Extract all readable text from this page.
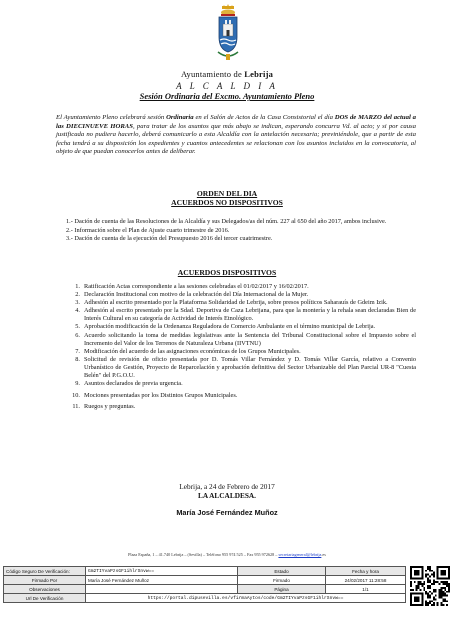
Ayuntamiento de Lebrija
A L C A L D I A
Sesión Ordinaria del Excmo. Ayuntamiento Pleno
El Ayuntamiento Pleno celebrará sesión Ordinaria en el Salón de Actos de la Casa Consistorial el día DOS de MARZO del actual a las DIECINUEVE HORAS, para tratar de los asuntos que más abajo se indican, esperando concurra Vd. al acto; y si por causa justificada no pudiera hacerlo, deberá comunicarlo a esta Alcaldía con la antelación necesaria; previniéndole, que a partir de esta fecha tendrá a su disposición los expedientes y cuantos antecedentes se relacionan con los asuntos incluidos en la convocatoria, al objeto de que puedan conocerlos antes de deliberar.
ORDEN DEL DIA
ACUERDOS NO DISPOSITIVOS
1.- Dación de cuenta de las Resoluciones de la Alcaldía y sus Delegados/as del núm. 227 al 650 del año 2017, ambos inclusive.
2.- Información sobre el Plan de Ajuste cuarto trimestre de 2016.
3.- Dación de cuenta de la ejecución del Presupuesto 2016 del tercer cuatrimestre.
ACUERDOS DISPOSITIVOS
1. Ratificación Actas correspondiente a las sesiones celebradas el 01/02/2017 y 16/02/2017.
2. Declaración Institucional con motivo de la celebración del Día Internacional de la Mujer.
3. Adhesión al escrito presentado por la Plataforma Solidaridad de Lebrija, sobre presos políticos Saharauís de Gdeim Izik.
4. Adhesión al escrito presentado por la Sdad. Deportiva de Caza Lebrijana, para que la montería y la rehala sean declaradas Bien de Interés Cultural en su categoría de Actividad de Interés Etnológico.
5. Aprobación modificación de la Ordenanza Reguladora de Comercio Ambulante en el término municipal de Lebrija.
6. Acuerdo solicitando la toma de medidas legislativas ante la Sentencia del Tribunal Constitucional sobre el Impuesto sobre el Incremento del Valor de los Terrenos de Naturaleza Urbana (IIVTNU)
7. Modificación del acuerdo de las asignaciones económicas de los Grupos Municipales.
8. Solicitud de revisión de oficio presentada por D. Tomás Villar Fernández y D. Tomás Villar García, relativo a Convenio Urbanístico de Gestión, Proyecto de Reparcelación y aprobación definitiva del Sector Urbanizable del Plan Parcial UR-8 "Cuesta Belén" del P.G.O.U.
9. Asuntos declarados de previa urgencia.
10. Mociones presentadas por los Distintos Grupos Municipales.
11. Ruegos y preguntas.
Lebrija, a 24 de Febrero de 2017
LA ALCALDESA.
María José Fernández Muñoz
Plaza España, 1 – 41.740 Lebrija – (Sevilla) – Teléfono 955 974 525 – Fax 955 972628 – secretariageneral@lebrija.es
Código Seguro De Verificación:	Gm2TIYvaPzsGF1ihlrSnvw==	Estado	Fecha y hora
Firmado Por	María José Fernández Muñoz	Firmado	24/02/2017 11:28:58
Observaciones		Página	1/1
Url De Verificación	https://portal.dipusevilla.es/vfirmaAytos/code/Gm2TIYvaPzsGF1ihlrSnvw==		
